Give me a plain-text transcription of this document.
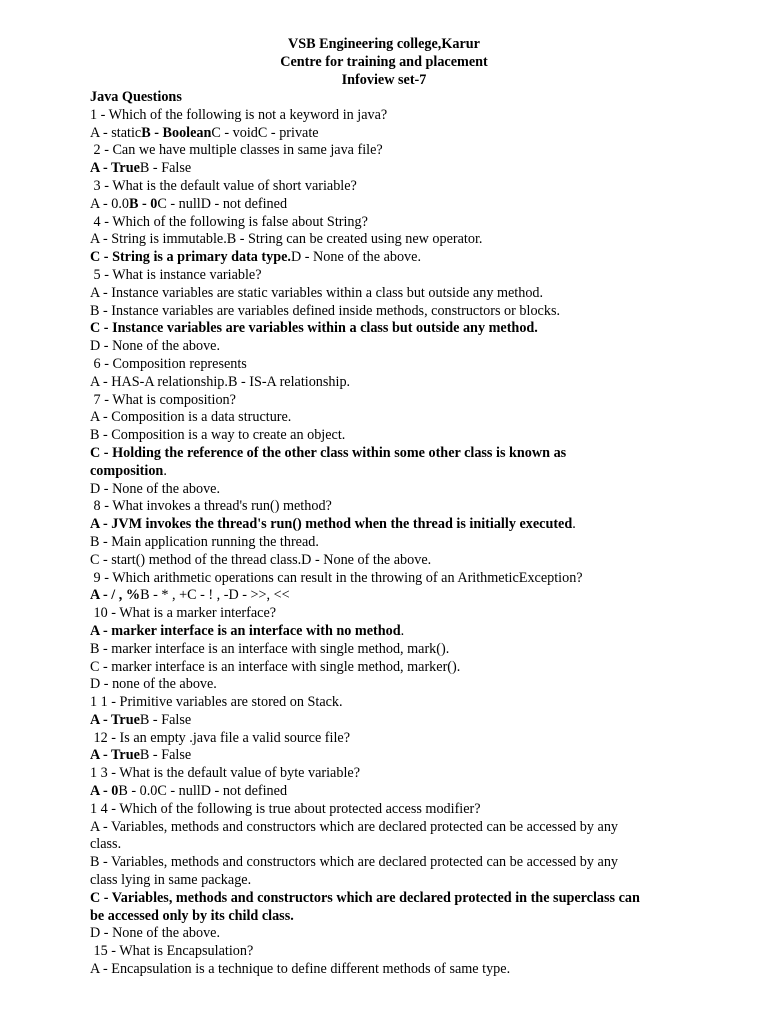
VSB Engineering college,Karur
Centre for training and placement
Infoview set-7
Java Questions
1 - Which of the following is not a keyword in java?
A - staticB - BooleanC - voidC - private
2 - Can we have multiple classes in same java file?
A - TrueB - False
3 - What is the default value of short variable?
A - 0.0B - 0C - nullD - not defined
4 - Which of the following is false about String?
A - String is immutable.B - String can be created using new operator.
C - String is a primary data type.D - None of the above.
5 - What is instance variable?
A - Instance variables are static variables within a class but outside any method.
B - Instance variables are variables defined inside methods, constructors or blocks.
C - Instance variables are variables within a class but outside any method.
D - None of the above.
6 - Composition represents
A - HAS-A relationship.B - IS-A relationship.
7 - What is composition?
A - Composition is a data structure.
B - Composition is a way to create an object.
C - Holding the reference of the other class within some other class is known as
composition.
D - None of the above.
8 - What invokes a thread's run() method?
A - JVM invokes the thread's run() method when the thread is initially executed.
B - Main application running the thread.
C - start() method of the thread class.D - None of the above.
9 - Which arithmetic operations can result in the throwing of an ArithmeticException?
A - / , %B - * , +C - ! , -D - >>, <<
10 - What is a marker interface?
A - marker interface is an interface with no method.
B - marker interface is an interface with single method, mark().
C - marker interface is an interface with single method, marker().
D - none of the above.
1 1 - Primitive variables are stored on Stack.
A - TrueB - False
12 - Is an empty .java file a valid source file?
A - TrueB - False
1 3 - What is the default value of byte variable?
A - 0B - 0.0C - nullD - not defined
1 4 - Which of the following is true about protected access modifier?
A - Variables, methods and constructors which are declared protected can be accessed by any
class.
B - Variables, methods and constructors which are declared protected can be accessed by any
class lying in same package.
C - Variables, methods and constructors which are declared protected in the superclass can
be accessed only by its child class.
D - None of the above.
15 - What is Encapsulation?
A - Encapsulation is a technique to define different methods of same type.
